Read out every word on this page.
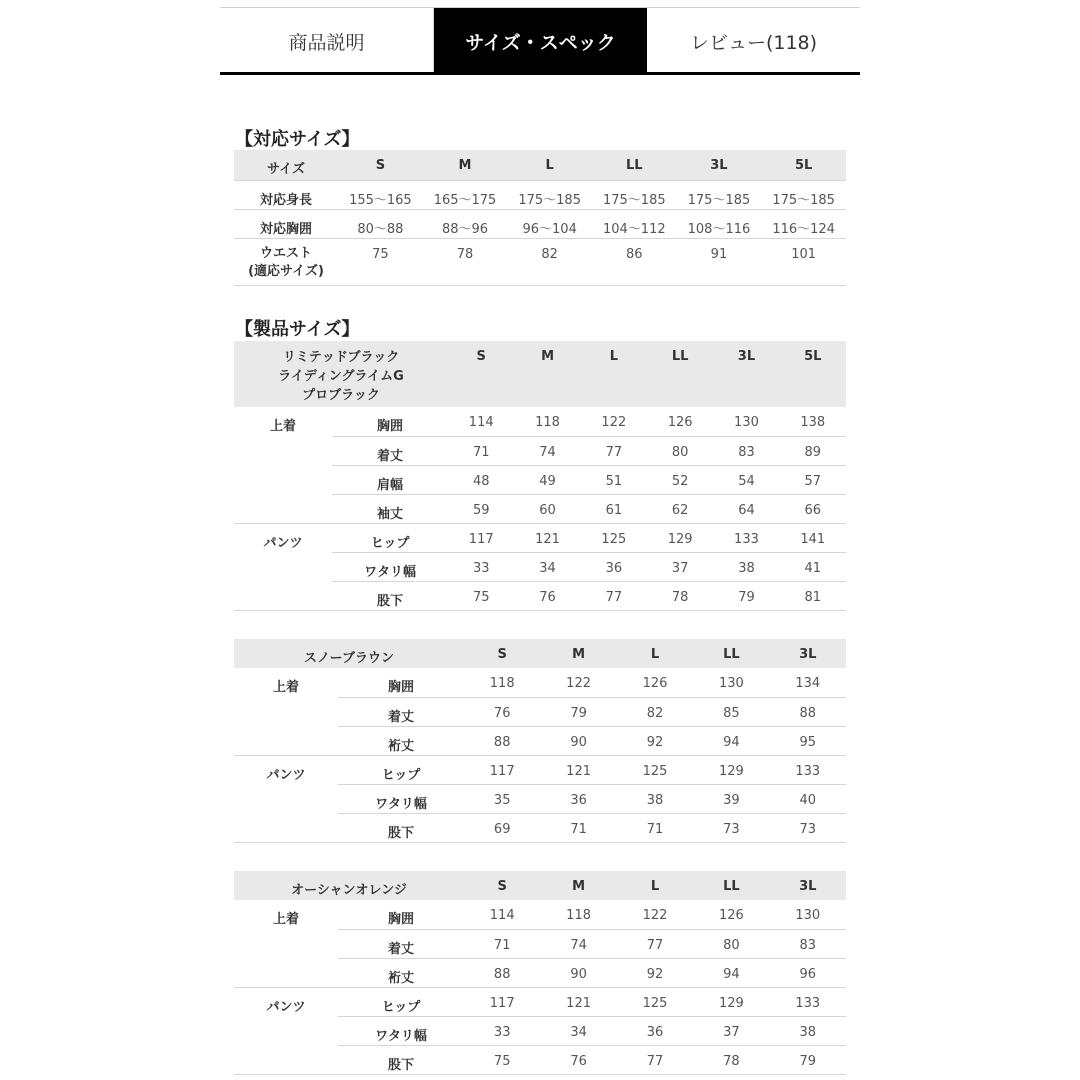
商品説明	サイズ・スペック	レビュー(118)
【対応サイズ】
サイズ	S	M	L	LL	3L	5L
対応身長	155〜165	165〜175	175〜185	175〜185	175〜185	175〜185
対応胸囲	80〜88	88〜96	96〜104	104〜112	108〜116	116〜124

ウエスト
(適応サイズ)	75	78	82	86	91	101
【製品サイズ】
リミテッドブラック
ライディングライムG
プロブラック		S	M	L	LL	3L	5L
上着	胸囲	114	118	122	126	130	138
	着丈	71	74	77	80	83	89
	肩幅	48	49	51	52	54	57
	袖丈	59	60	61	62	64	66
パンツ	ヒップ	117	121	125	129	133	141
	ワタリ幅	33	34	36	37	38	41
	股下	75	76	77	78	79	81
スノーブラウン		S	M	L	LL	3L
上着	胸囲	118	122	126	130	134
	着丈	76	79	82	85	88
	裄丈	88	90	92	94	95
パンツ	ヒップ	117	121	125	129	133
	ワタリ幅	35	36	38	39	40
	股下	69	71	71	73	73
オーシャンオレンジ		S	M	L	LL	3L
上着	胸囲	114	118	122	126	130
	着丈	71	74	77	80	83
	裄丈	88	90	92	94	96
パンツ	ヒップ	117	121	125	129	133
	ワタリ幅	33	34	36	37	38
	股下	75	76	77	78	79
